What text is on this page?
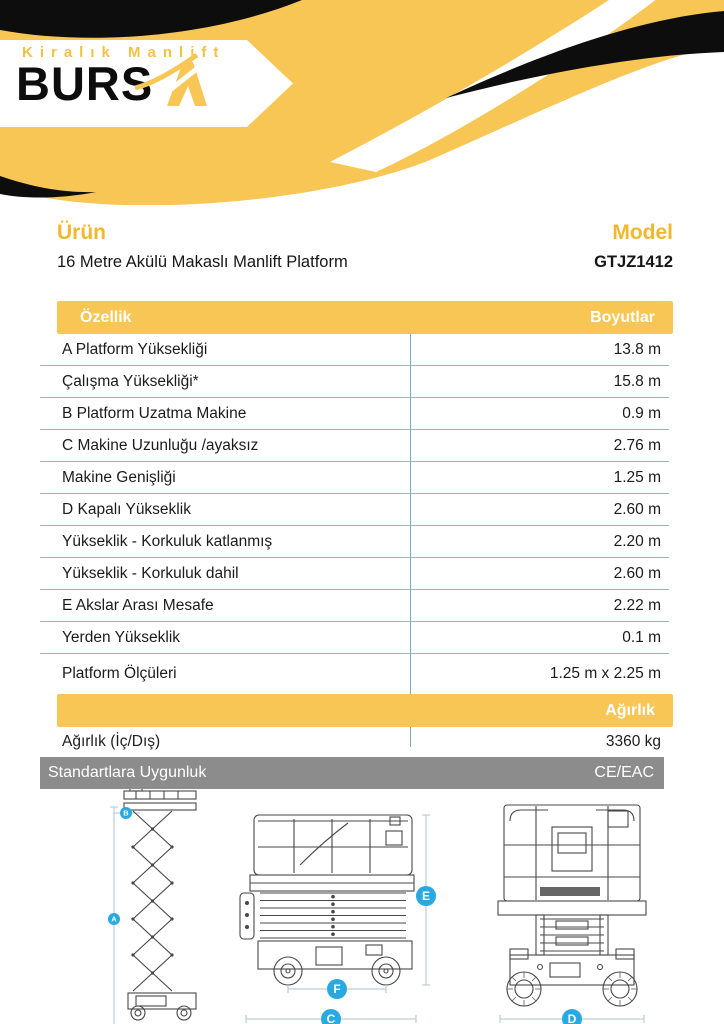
Kiralık Manlift
BURS
Ürün
16 Metre Akülü Makaslı Manlift Platform
Model
GTJZ1412
Özellik	Boyutlar
A Platform Yüksekliği	13.8 m
Çalışma Yüksekliği*	15.8 m
B Platform Uzatma Makine	0.9 m
C Makine Uzunluğu /ayaksız	2.76 m
Makine Genişliği	1.25 m
D Kapalı Yükseklik	2.60 m
Yükseklik - Korkuluk katlanmış	2.20 m
Yükseklik - Korkuluk dahil	2.60 m
E Akslar Arası Mesafe	2.22 m
Yerden Yükseklik	0.1 m
Platform Ölçüleri	1.25 m x 2.25 m
Ağırlık
Ağırlık (İç/Dış)	3360 kg
Standartlara Uygunluk	CE/EAC
B
A
E
F
C	D
